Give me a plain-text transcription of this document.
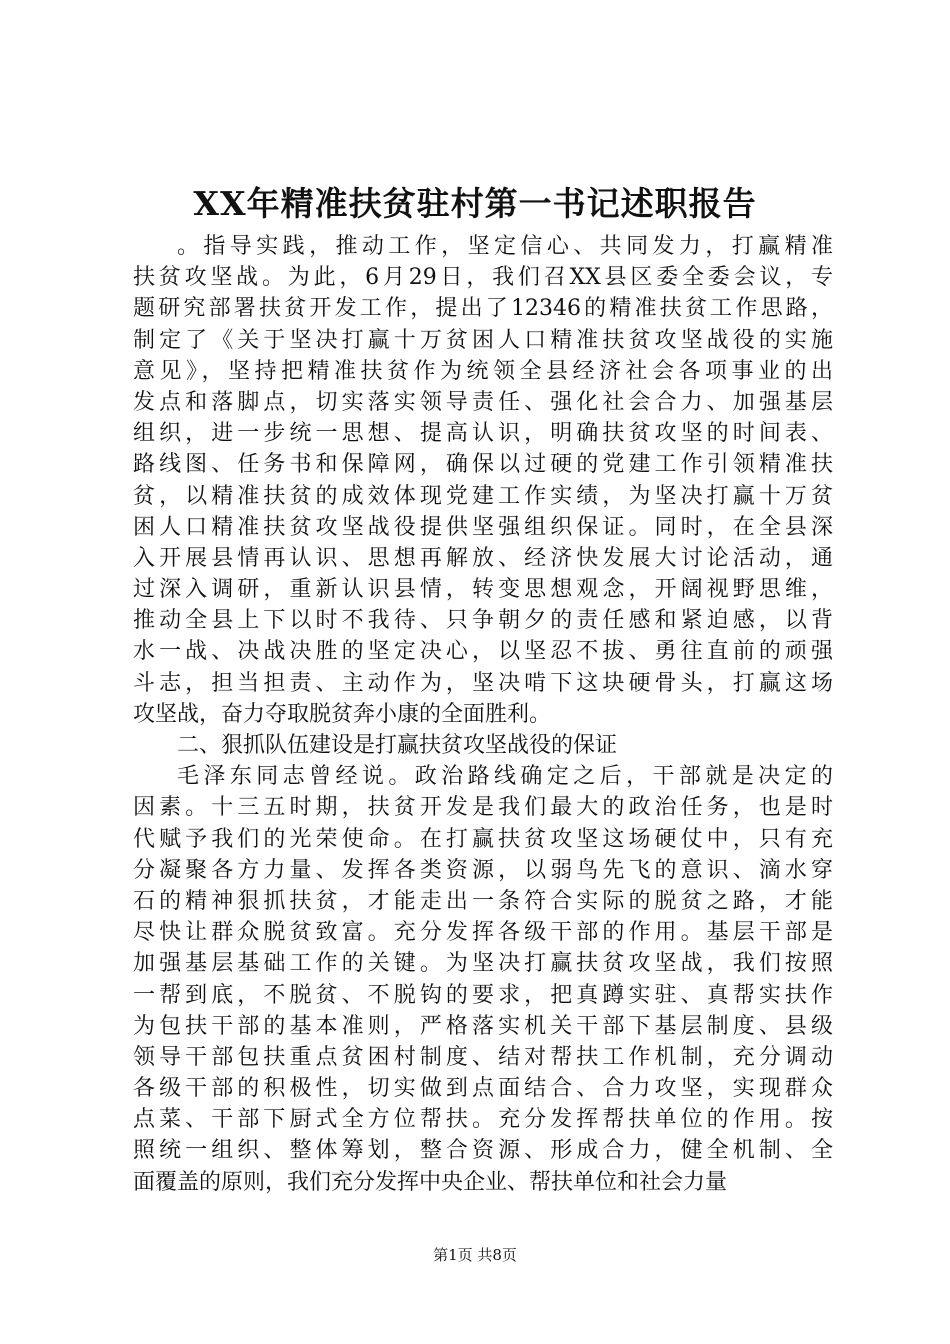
XX年精准扶贫驻村第一书记述职报告
。指导实践，推动工作，坚定信心、共同发力，打赢精准
扶贫攻坚战。为此，6月29日，我们召XX县区委全委会议，专
题研究部署扶贫开发工作，提出了12346的精准扶贫工作思路，
制定了《关于坚决打赢十万贫困人口精准扶贫攻坚战役的实施
意见》，坚持把精准扶贫作为统领全县经济社会各项事业的出
发点和落脚点，切实落实领导责任、强化社会合力、加强基层
组织，进一步统一思想、提高认识，明确扶贫攻坚的时间表、
路线图、任务书和保障网，确保以过硬的党建工作引领精准扶
贫，以精准扶贫的成效体现党建工作实绩，为坚决打赢十万贫
困人口精准扶贫攻坚战役提供坚强组织保证。同时，在全县深
入开展县情再认识、思想再解放、经济快发展大讨论活动，通
过深入调研，重新认识县情，转变思想观念，开阔视野思维，
推动全县上下以时不我待、只争朝夕的责任感和紧迫感，以背
水一战、决战决胜的坚定决心，以坚忍不拔、勇往直前的顽强
斗志，担当担责、主动作为，坚决啃下这块硬骨头，打赢这场
攻坚战，奋力夺取脱贫奔小康的全面胜利。
二、狠抓队伍建设是打赢扶贫攻坚战役的保证
毛泽东同志曾经说。政治路线确定之后，干部就是决定的
因素。十三五时期，扶贫开发是我们最大的政治任务，也是时
代赋予我们的光荣使命。在打赢扶贫攻坚这场硬仗中，只有充
分凝聚各方力量、发挥各类资源，以弱鸟先飞的意识、滴水穿
石的精神狠抓扶贫，才能走出一条符合实际的脱贫之路，才能
尽快让群众脱贫致富。充分发挥各级干部的作用。基层干部是
加强基层基础工作的关键。为坚决打赢扶贫攻坚战，我们按照
一帮到底，不脱贫、不脱钩的要求，把真蹲实驻、真帮实扶作
为包扶干部的基本准则，严格落实机关干部下基层制度、县级
领导干部包扶重点贫困村制度、结对帮扶工作机制，充分调动
各级干部的积极性，切实做到点面结合、合力攻坚，实现群众
点菜、干部下厨式全方位帮扶。充分发挥帮扶单位的作用。按
照统一组织、整体筹划，整合资源、形成合力，健全机制、全
面覆盖的原则，我们充分发挥中央企业、帮扶单位和社会力量
第1页 共8页
